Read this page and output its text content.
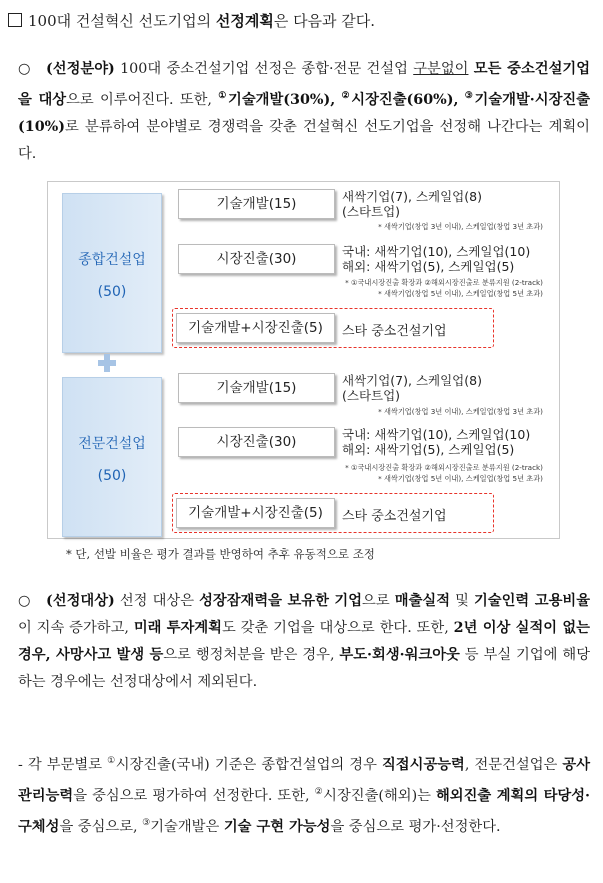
100대 건설혁신 선도기업의 선정계획은 다음과 같다.
○ (선정분야) 100대 중소건설기업 선정은 종합·전문 건설업 구분없이 모든 중소건설기업을 대상으로 이루어진다. 또한, ①기술개발(30%), ②시장진출(60%), ③기술개발·시장진출(10%)로 분류하여 분야별로 경쟁력을 갖춘 건설혁신 선도기업을 선정해 나간다는 계획이다.
종합건설업
(50)
기술개발(15)	새싹기업(7), 스케일업(8)
(스타트업)
* 새싹기업(창업 3년 이내), 스케일업(창업 3년 초과)
시장진출(30)	국내: 새싹기업(10), 스케일업(10)
해외: 새싹기업(5), 스케일업(5)
* ①국내시장진출 확장과 ②해외시장진출로 분류지원 (2-track)
* 새싹기업(창업 5년 이내), 스케일업(창업 5년 초과)
기술개발+시장진출(5)	스타 중소건설기업
전문건설업
(50)
기술개발(15)	새싹기업(7), 스케일업(8)
(스타트업)
* 새싹기업(창업 3년 이내), 스케일업(창업 3년 초과)
시장진출(30)	국내: 새싹기업(10), 스케일업(10)
해외: 새싹기업(5), 스케일업(5)
* ①국내시장진출 확장과 ②해외시장진출로 분류지원 (2-track)
* 새싹기업(창업 5년 이내), 스케일업(창업 5년 초과)
기술개발+시장진출(5)	스타 중소건설기업
* 단, 선발 비율은 평가 결과를 반영하여 추후 유동적으로 조정
○ (선정대상) 선정 대상은 성장잠재력을 보유한 기업으로 매출실적 및 기술인력 고용비율이 지속 증가하고, 미래 투자계획도 갖춘 기업을 대상으로 한다. 또한, 2년 이상 실적이 없는 경우, 사망사고 발생 등으로 행정처분을 받은 경우, 부도·회생·워크아웃 등 부실 기업에 해당하는 경우에는 선정대상에서 제외된다.
- 각 부문별로 ①시장진출(국내) 기준은 종합건설업의 경우 직접시공능력, 전문건설업은 공사관리능력을 중심으로 평가하여 선정한다. 또한, ②시장진출(해외)는 해외진출 계획의 타당성·구체성을 중심으로, ③기술개발은 기술 구현 가능성을 중심으로 평가·선정한다.
